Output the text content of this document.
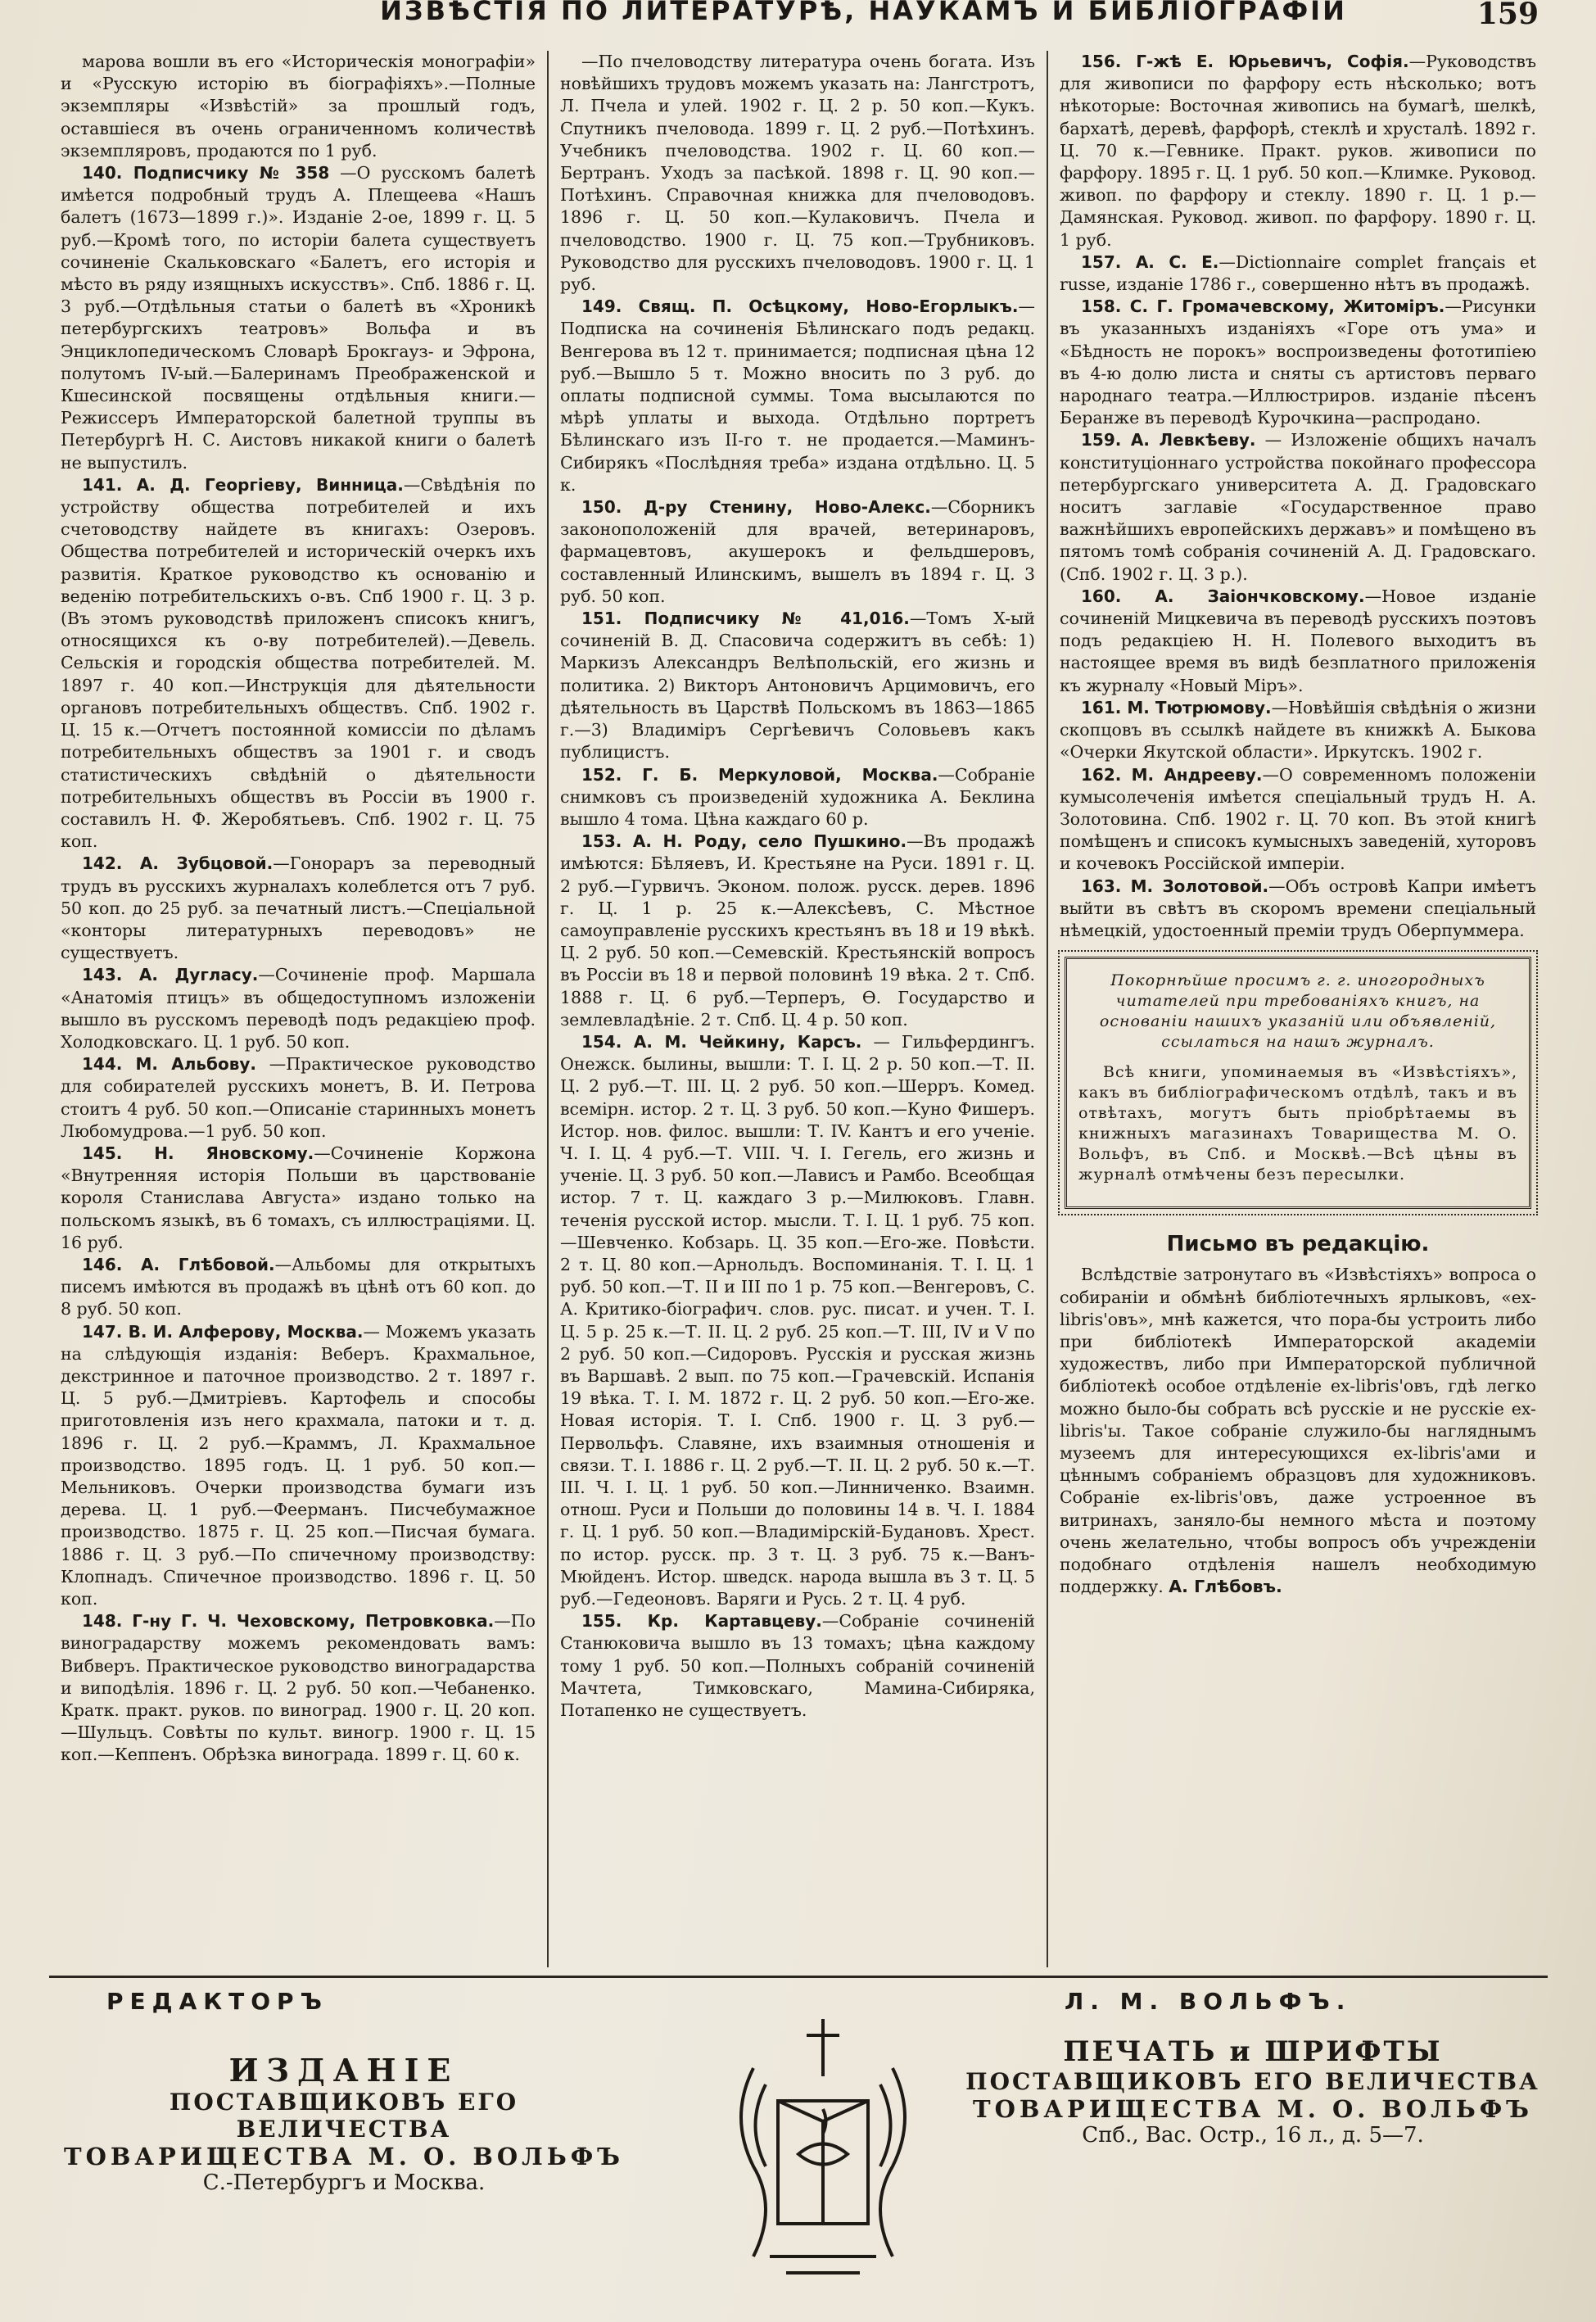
ИЗВѢСТІЯ ПО ЛИТЕРАТУРѢ, НАУКАМЪ И БИБЛІОГРАФІИ	159

марова вошли въ его «Историческія монографіи» и «Русскую исторію въ біографіяхъ».—Полные экземпляры «Извѣстій» за прошлый годъ, оставшіеся въ очень ограниченномъ количествѣ экземпляровъ, продаются по 1 руб.

140. Подписчику № 358 —О русскомъ балетѣ имѣется подробный трудъ А. Плещеева «Нашъ балетъ (1673—1899 г.)». Изданіе 2-ое, 1899 г. Ц. 5 руб.—Кромѣ того, по исторіи балета существуетъ сочиненіе Скальковскаго «Балетъ, его исторія и мѣсто въ ряду изящныхъ искусствъ». Спб. 1886 г. Ц. 3 руб.—Отдѣльныя статьи о балетѣ въ «Хроникѣ петербургскихъ театровъ» Вольфа и въ Энциклопедическомъ Словарѣ Брокгауз- и Эфрона, полутомъ IV-ый.—Балеринамъ Преображенской и Кшесинской посвящены отдѣльныя книги.—Режиссеръ Императорской балетной труппы въ Петербургѣ Н. С. Аистовъ никакой книги о балетѣ не выпустилъ.

141. А. Д. Георгіеву, Винница.—Свѣдѣнія по устройству общества потребителей и ихъ счетоводству найдете въ книгахъ: Озеровъ. Общества потребителей и историческій очеркъ ихъ развитія. Краткое руководство къ основанію и веденію потребительскихъ о-въ. Спб 1900 г. Ц. 3 р. (Въ этомъ руководствѣ приложенъ списокъ книгъ, относящихся къ о-ву потребителей).—Девель. Сельскія и городскія общества потребителей. М. 1897 г. 40 коп.—Инструкція для дѣятельности органовъ потребительныхъ обществъ. Спб. 1902 г. Ц. 15 к.—Отчетъ постоянной комиссіи по дѣламъ потребительныхъ обществъ за 1901 г. и сводъ статистическихъ свѣдѣній о дѣятельности потребительныхъ обществъ въ Россіи въ 1900 г. составилъ Н. Ф. Жеробятьевъ. Спб. 1902 г. Ц. 75 коп.

142. А. Зубцовой.—Гонораръ за переводный трудъ въ русскихъ журналахъ колеблется отъ 7 руб. 50 коп. до 25 руб. за печатный листъ.—Спеціальной «конторы литературныхъ переводовъ» не существуетъ.

143. А. Дугласу.—Сочиненіе проф. Маршала «Анатомія птицъ» въ общедоступномъ изложеніи вышло въ русскомъ переводѣ подъ редакціею проф. Холодковскаго. Ц. 1 руб. 50 коп.

144. М. Альбову. —Практическое руководство для собирателей русскихъ монетъ, В. И. Петрова стоитъ 4 руб. 50 коп.—Описаніе старинныхъ монетъ Любомудрова.—1 руб. 50 коп.

145. Н. Яновскому.—Сочиненіе Коржона «Внутренняя исторія Польши въ царствованіе короля Станислава Августа» издано только на польскомъ языкѣ, въ 6 томахъ, съ иллюстраціями. Ц. 16 руб.

146. А. Глѣбовой.—Альбомы для открытыхъ писемъ имѣются въ продажѣ въ цѣнѣ отъ 60 коп. до 8 руб. 50 коп.

147. В. И. Алферову, Москва.— Можемъ указать на слѣдующія изданія: Веберъ. Крахмальное, декстринное и паточное производство. 2 т. 1897 г. Ц. 5 руб.—Дмитріевъ. Картофель и способы приготовленія изъ него крахмала, патоки и т. д. 1896 г. Ц. 2 руб.—Краммъ, Л. Крахмальное производство. 1895 годъ. Ц. 1 руб. 50 коп.—Мельниковъ. Очерки производства бумаги изъ дерева. Ц. 1 руб.—Феерманъ. Писчебумажное производство. 1875 г. Ц. 25 коп.—Писчая бумага. 1886 г. Ц. 3 руб.—По спичечному производству: Клопнадъ. Спичечное производство. 1896 г. Ц. 50 коп.

148. Г-ну Г. Ч. Чеховскому, Петровковка.—По виноградарству можемъ рекомендовать вамъ: Вибверъ. Практическое руководство виноградарства и виподѣлія. 1896 г. Ц. 2 руб. 50 коп.—Чебаненко. Кратк. практ. руков. по виноград. 1900 г. Ц. 20 коп.—Шульцъ. Совѣты по культ. виногр. 1900 г. Ц. 15 коп.—Кеппенъ. Обрѣзка винограда. 1899 г. Ц. 60 к.

—По пчеловодству литература очень богата. Изъ новѣйшихъ трудовъ можемъ указать на: Лангстротъ, Л. Пчела и улей. 1902 г. Ц. 2 р. 50 коп.—Кукъ. Спутникъ пчеловода. 1899 г. Ц. 2 руб.—Потѣхинъ. Учебникъ пчеловодства. 1902 г. Ц. 60 коп.—Бертранъ. Уходъ за пасѣкой. 1898 г. Ц. 90 коп.—Потѣхинъ. Справочная книжка для пчеловодовъ. 1896 г. Ц. 50 коп.—Кулаковичъ. Пчела и пчеловодство. 1900 г. Ц. 75 коп.—Трубниковъ. Руководство для русскихъ пчеловодовъ. 1900 г. Ц. 1 руб.

149. Свящ. П. Осѣцкому, Ново-Егорлыкъ.—Подписка на сочиненія Бѣлинскаго подъ редакц. Венгерова въ 12 т. принимается; подписная цѣна 12 руб.—Вышло 5 т. Можно вносить по 3 руб. до оплаты подписной суммы. Тома высылаются по мѣрѣ уплаты и выхода. Отдѣльно портретъ Бѣлинскаго изъ II-го т. не продается.—Маминъ-Сибирякъ «Послѣдняя треба» издана отдѣльно. Ц. 5 к.

150. Д-ру Стенину, Ново-Алекс.—Сборникъ законоположеній для врачей, ветеринаровъ, фармацевтовъ, акушерокъ и фельдшеровъ, составленный Илинскимъ, вышелъ въ 1894 г. Ц. 3 руб. 50 коп.

151. Подписчику № 41,016.—Томъ X-ый сочиненій В. Д. Спасовича содержитъ въ себѣ: 1) Маркизъ Александръ Велѣпольскій, его жизнь и политика. 2) Викторъ Антоновичъ Арцимовичъ, его дѣятельность въ Царствѣ Польскомъ въ 1863—1865 г.—3) Владиміръ Сергѣевичъ Соловьевъ какъ публицистъ.

152. Г. Б. Меркуловой, Москва.—Собраніе снимковъ съ произведеній художника А. Беклина вышло 4 тома. Цѣна каждаго 60 р.

153. А. Н. Роду, село Пушкино.—Въ продажѣ имѣются: Бѣляевъ, И. Крестьяне на Руси. 1891 г. Ц. 2 руб.—Гурвичъ. Эконом. полож. русск. дерев. 1896 г. Ц. 1 р. 25 к.—Алексѣевъ, С. Мѣстное самоуправленіе русскихъ крестьянъ въ 18 и 19 вѣкѣ. Ц. 2 руб. 50 коп.—Семевскій. Крестьянскій вопросъ въ Россіи въ 18 и первой половинѣ 19 вѣка. 2 т. Спб. 1888 г. Ц. 6 руб.—Терперъ, Ѳ. Государство и землевладѣніе. 2 т. Спб. Ц. 4 р. 50 коп.

154. А. М. Чейкину, Карсъ. — Гильфердингъ. Онежск. былины, вышли: Т. І. Ц. 2 р. 50 коп.—Т. II. Ц. 2 руб.—Т. III. Ц. 2 руб. 50 коп.—Шерръ. Комед. всемірн. истор. 2 т. Ц. 3 руб. 50 коп.—Куно Фишеръ. Истор. нов. филос. вышли: Т. IV. Кантъ и его ученіе. Ч. І. Ц. 4 руб.—Т. VIII. Ч. І. Гегель, его жизнь и ученіе. Ц. 3 руб. 50 коп.—Лависъ и Рамбо. Всеобщая истор. 7 т. Ц. каждаго 3 р.—Милюковъ. Главн. теченія русской истор. мысли. Т. І. Ц. 1 руб. 75 коп.—Шевченко. Кобзарь. Ц. 35 коп.—Его-же. Повѣсти. 2 т. Ц. 80 коп.—Арнольдъ. Воспоминанія. Т. І. Ц. 1 руб. 50 коп.—Т. II и III по 1 р. 75 коп.—Венгеровъ, С. А. Критико-біографич. слов. рус. писат. и учен. Т. І. Ц. 5 р. 25 к.—Т. II. Ц. 2 руб. 25 коп.—Т. III, IV и V по 2 руб. 50 коп.—Сидоровъ. Русскія и русская жизнь въ Варшавѣ. 2 вып. по 75 коп.—Грачевскій. Испанія 19 вѣка. Т. І. М. 1872 г. Ц. 2 руб. 50 коп.—Его-же. Новая исторія. Т. І. Спб. 1900 г. Ц. 3 руб.—Первольфъ. Славяне, ихъ взаимныя отношенія и связи. Т. І. 1886 г. Ц. 2 руб.—Т. II. Ц. 2 руб. 50 к.—Т. III. Ч. І. Ц. 1 руб. 50 коп.—Линниченко. Взаимн. отнош. Руси и Польши до половины 14 в. Ч. І. 1884 г. Ц. 1 руб. 50 коп.—Владимірскій-Будановъ. Хрест. по истор. русск. пр. 3 т. Ц. 3 руб. 75 к.—Ванъ-Мюйденъ. Истор. шведск. народа вышла въ 3 т. Ц. 5 руб.—Гедеоновъ. Варяги и Русь. 2 т. Ц. 4 руб.

155. Кр. Картавцеву.—Собраніе сочиненій Станюковича вышло въ 13 томахъ; цѣна каждому тому 1 руб. 50 коп.—Полныхъ собраній сочиненій Мачтета, Тимковскаго, Мамина-Сибиряка, Потапенко не существуетъ.

156. Г-жѣ Е. Юрьевичъ, Софія.—Руководствъ для живописи по фарфору есть нѣсколько; вотъ нѣкоторые: Восточная живопись на бумагѣ, шелкѣ, бархатѣ, деревѣ, фарфорѣ, стеклѣ и хрусталѣ. 1892 г. Ц. 70 к.—Гевникe. Практ. руков. живописи по фарфору. 1895 г. Ц. 1 руб. 50 коп.—Климке. Руковод. живоп. по фарфору и стеклу. 1890 г. Ц. 1 р.—Дамянская. Руковод. живоп. по фарфору. 1890 г. Ц. 1 руб.

157. А. С. Е.—Dictionnaire complet français et russe, изданіе 1786 г., совершенно нѣтъ въ продажѣ.

158. С. Г. Громачевскому, Житоміръ.—Рисунки въ указанныхъ изданіяхъ «Горе отъ ума» и «Бѣдность не порокъ» воспроизведены фототипіею въ 4-ю долю листа и сняты съ артистовъ перваго народнаго театра.—Иллюстриров. изданіе пѣсенъ Беранже въ переводѣ Курочкина—распродано.

159. А. Левкѣеву. — Изложеніе общихъ началъ конституціоннаго устройства покойнаго профессора петербургскаго университета А. Д. Градовскаго носитъ заглавіе «Государственное право важнѣйшихъ европейскихъ державъ» и помѣщено въ пятомъ томѣ собранія сочиненій А. Д. Градовскаго. (Спб. 1902 г. Ц. 3 р.).

160. А. Заіончковскому.—Новое изданіе сочиненій Мицкевича въ переводѣ русскихъ поэтовъ подъ редакціею Н. Н. Полевого выходитъ въ настоящее время въ видѣ безплатного приложенія къ журналу «Новый Міръ».

161. М. Тютрюмову.—Новѣйшія свѣдѣнія о жизни скопцовъ въ ссылкѣ найдете въ книжкѣ А. Быкова «Очерки Якутской области». Иркутскъ. 1902 г.

162. М. Андрееву.—О современномъ положеніи кумысолеченія имѣется спеціальный трудъ Н. А. Золотовина. Спб. 1902 г. Ц. 70 коп. Въ этой книгѣ помѣщенъ и списокъ кумысныхъ заведеній, хуторовъ и кочевокъ Россійской имперіи.

163. М. Золотовой.—Объ островѣ Капри имѣетъ выйти въ свѣтъ въ скоромъ времени спеціальный нѣмецкій, удостоенный преміи трудъ Оберпуммера.

Покорнѣйше просимъ г. г. иногородныхъ читателей при требованіяхъ книгъ, на основаніи нашихъ указаній или объявленій, ссылаться на нашъ журналъ.

Всѣ книги, упоминаемыя въ «Извѣстіяхъ», какъ въ библіографическомъ отдѣлѣ, такъ и въ отвѣтахъ, могутъ быть пріобрѣтаемы въ книжныхъ магазинахъ Товарищества М. О. Вольфъ, въ Спб. и Москвѣ.—Всѣ цѣны въ журналѣ отмѣчены безъ пересылки.

Письмо въ редакцію.

Вслѣдствіе затронутаго въ «Извѣстіяхъ» вопроса о собираніи и обмѣнѣ библіотечныхъ ярлыковъ, «ex-libris'овъ», мнѣ кажется, что пора-бы устроить либо при библіотекѣ Императорской академіи художествъ, либо при Императорской публичной библіотекѣ особое отдѣленіе ex-libris'овъ, гдѣ легко можно было-бы собрать всѣ русскіе и не русскіе ex-libris'ы. Такое собраніе служило-бы нагляднымъ музеемъ для интересующихся ex-libris'ами и цѣннымъ собраніемъ образцовъ для художниковъ. Собраніе ex-libris'овъ, даже устроенное въ витринахъ, заняло-бы немного мѣста и поэтому очень желательно, чтобы вопросъ объ учрежденіи подобнаго отдѣленія нашелъ необходимую поддержку. А. Глѣбовъ.

РЕДАКТОРЪ	Л. М. ВОЛЬФЪ.
ИЗДАНІЕ
ПОСТАВЩИКОВЪ ЕГО ВЕЛИЧЕСТВА
ТОВАРИЩЕСТВА М. О. ВОЛЬФЪ
С.-Петербургъ и Москва.
ПЕЧАТЬ и ШРИФТЫ
ПОСТАВЩИКОВЪ ЕГО ВЕЛИЧЕСТВА
ТОВАРИЩЕСТВА М. О. ВОЛЬФЪ
Спб., Вас. Остр., 16 л., д. 5—7.
